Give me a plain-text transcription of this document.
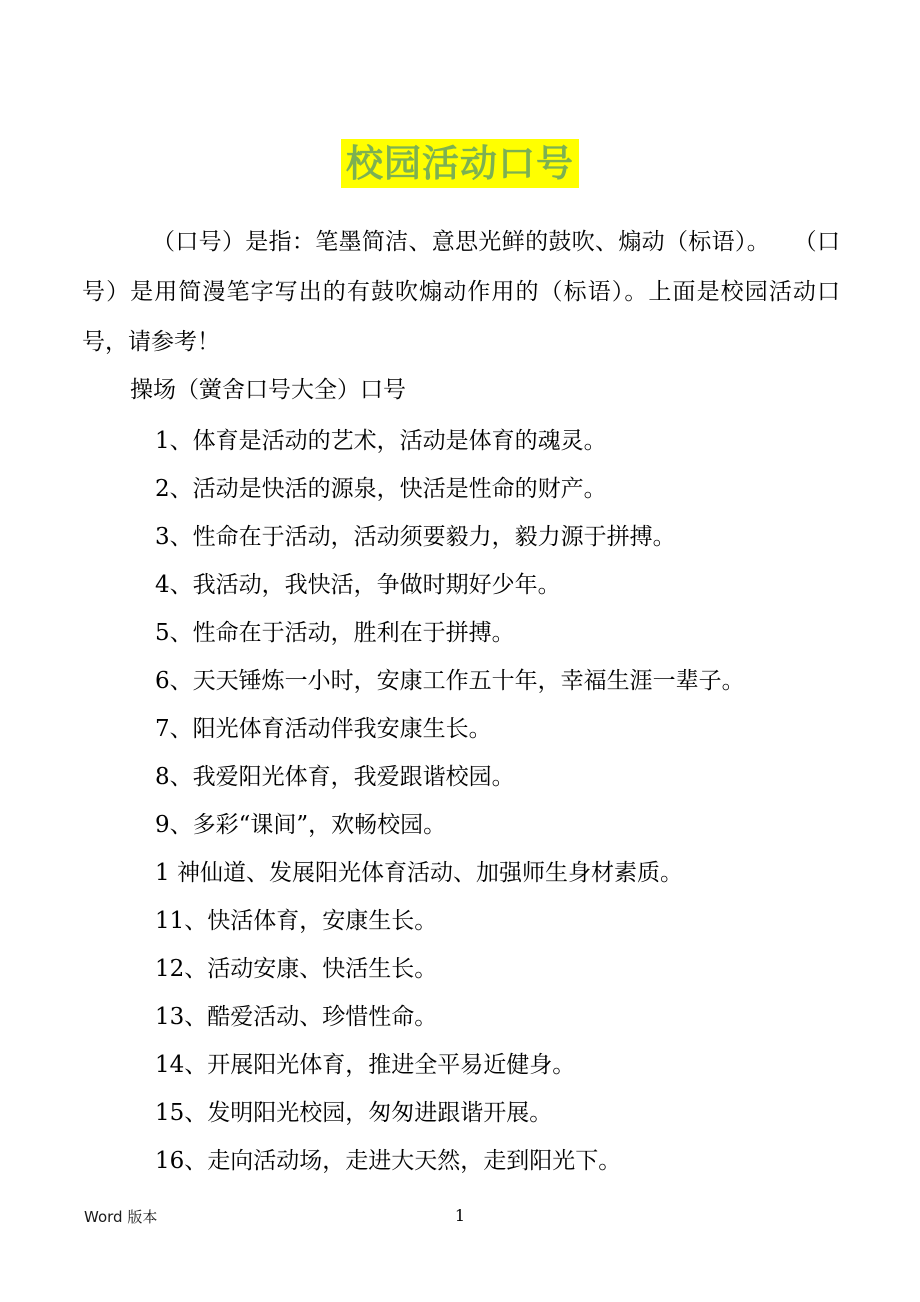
校园活动口号

（口号）是指：笔墨简洁、意思光鲜的鼓吹、煽动（标语）。　　（口号）是用简漫笔字写出的有鼓吹煽动作用的（标语）。上面是校园活动口号，请参考！

操场（黉舍口号大全）口号

1、体育是活动的艺术，活动是体育的魂灵。

2、活动是快活的源泉，快活是性命的财产。

3、性命在于活动，活动须要毅力，毅力源于拼搏。

4、我活动，我快活，争做时期好少年。

5、性命在于活动，胜利在于拼搏。

6、天天锤炼一小时，安康工作五十年，幸福生涯一辈子。

7、阳光体育活动伴我安康生长。

8、我爱阳光体育，我爱跟谐校园。

9、多彩“课间”，欢畅校园。

1 神仙道、发展阳光体育活动、加强师生身材素质。

11、快活体育，安康生长。

12、活动安康、快活生长。

13、酷爱活动、珍惜性命。

14、开展阳光体育，推进全平易近健身。

15、发明阳光校园，匆匆进跟谐开展。

16、走向活动场，走进大天然，走到阳光下。

Word 版本	1
